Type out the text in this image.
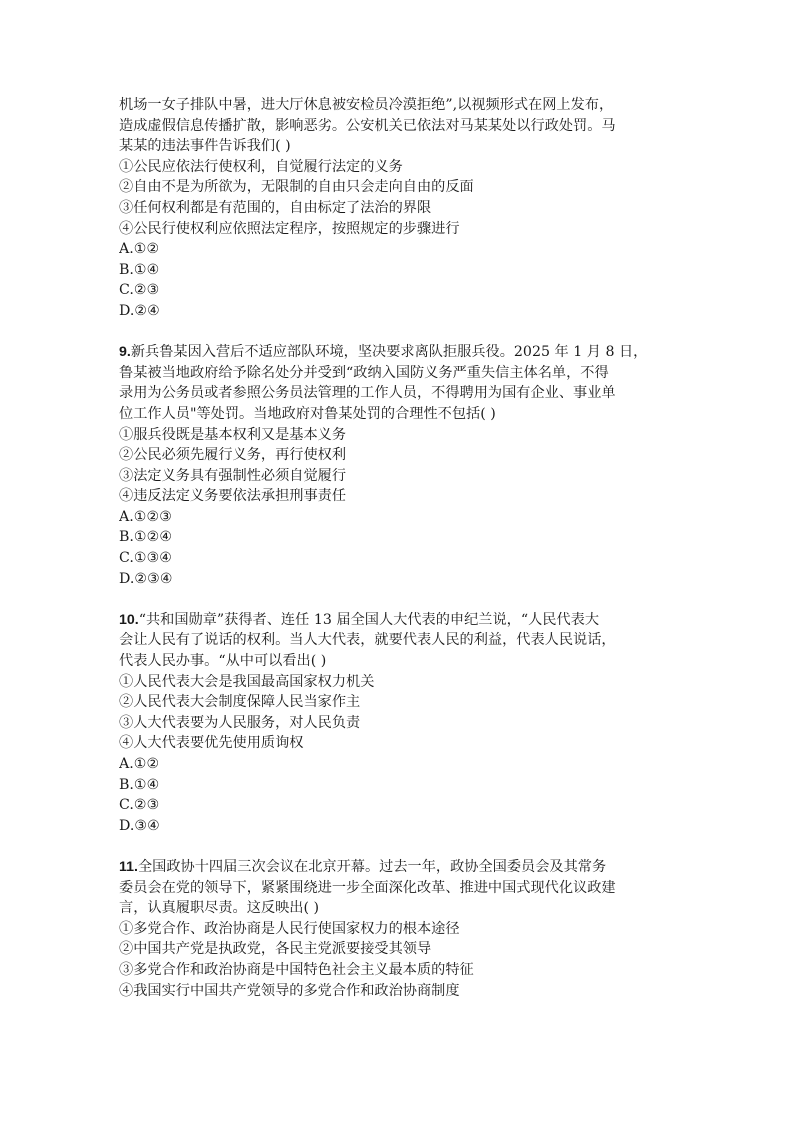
机场一女子排队中暑，进大厅休息被安检员冷漠拒绝”,以视频形式在网上发布，
造成虚假信息传播扩散，影响恶劣。公安机关已依法对马某某处以行政处罚。马
某某的违法事件告诉我们( )
①公民应依法行使权利，自觉履行法定的义务
②自由不是为所欲为，无限制的自由只会走向自由的反面
③任何权利都是有范围的，自由标定了法治的界限
④公民行使权利应依照法定程序，按照规定的步骤进行
A.①②
B.①④
C.②③
D.②④
9.新兵鲁某因入营后不适应部队环境，坚决要求离队拒服兵役。2025 年 1 月 8 日，
鲁某被当地政府给予除名处分并受到“政纳入国防义务严重失信主体名单，不得
录用为公务员或者参照公务员法管理的工作人员，不得聘用为国有企业、事业单
位工作人员"等处罚。当地政府对鲁某处罚的合理性不包括( )
①服兵役既是基本权利又是基本义务
②公民必须先履行义务，再行使权利
③法定义务具有强制性必须自觉履行
④违反法定义务要依法承担刑事责任
A.①②③
B.①②④
C.①③④
D.②③④
10.“共和国勋章”获得者、连任 13 届全国人大代表的申纪兰说，“人民代表大
会让人民有了说话的权利。当人大代表，就要代表人民的利益，代表人民说话，
代表人民办事。“从中可以看出( )
①人民代表大会是我国最高国家权力机关
②人民代表大会制度保障人民当家作主
③人大代表要为人民服务，对人民负责
④人大代表要优先使用质询权
A.①②
B.①④
C.②③
D.③④
11.全国政协十四届三次会议在北京开幕。过去一年，政协全国委员会及其常务
委员会在党的领导下，紧紧围绕进一步全面深化改革、推进中国式现代化议政建
言，认真履职尽责。这反映出( )
①多党合作、政治协商是人民行使国家权力的根本途径
②中国共产党是执政党，各民主党派要接受其领导
③多党合作和政治协商是中国特色社会主义最本质的特征
④我国实行中国共产党领导的多党合作和政治协商制度
